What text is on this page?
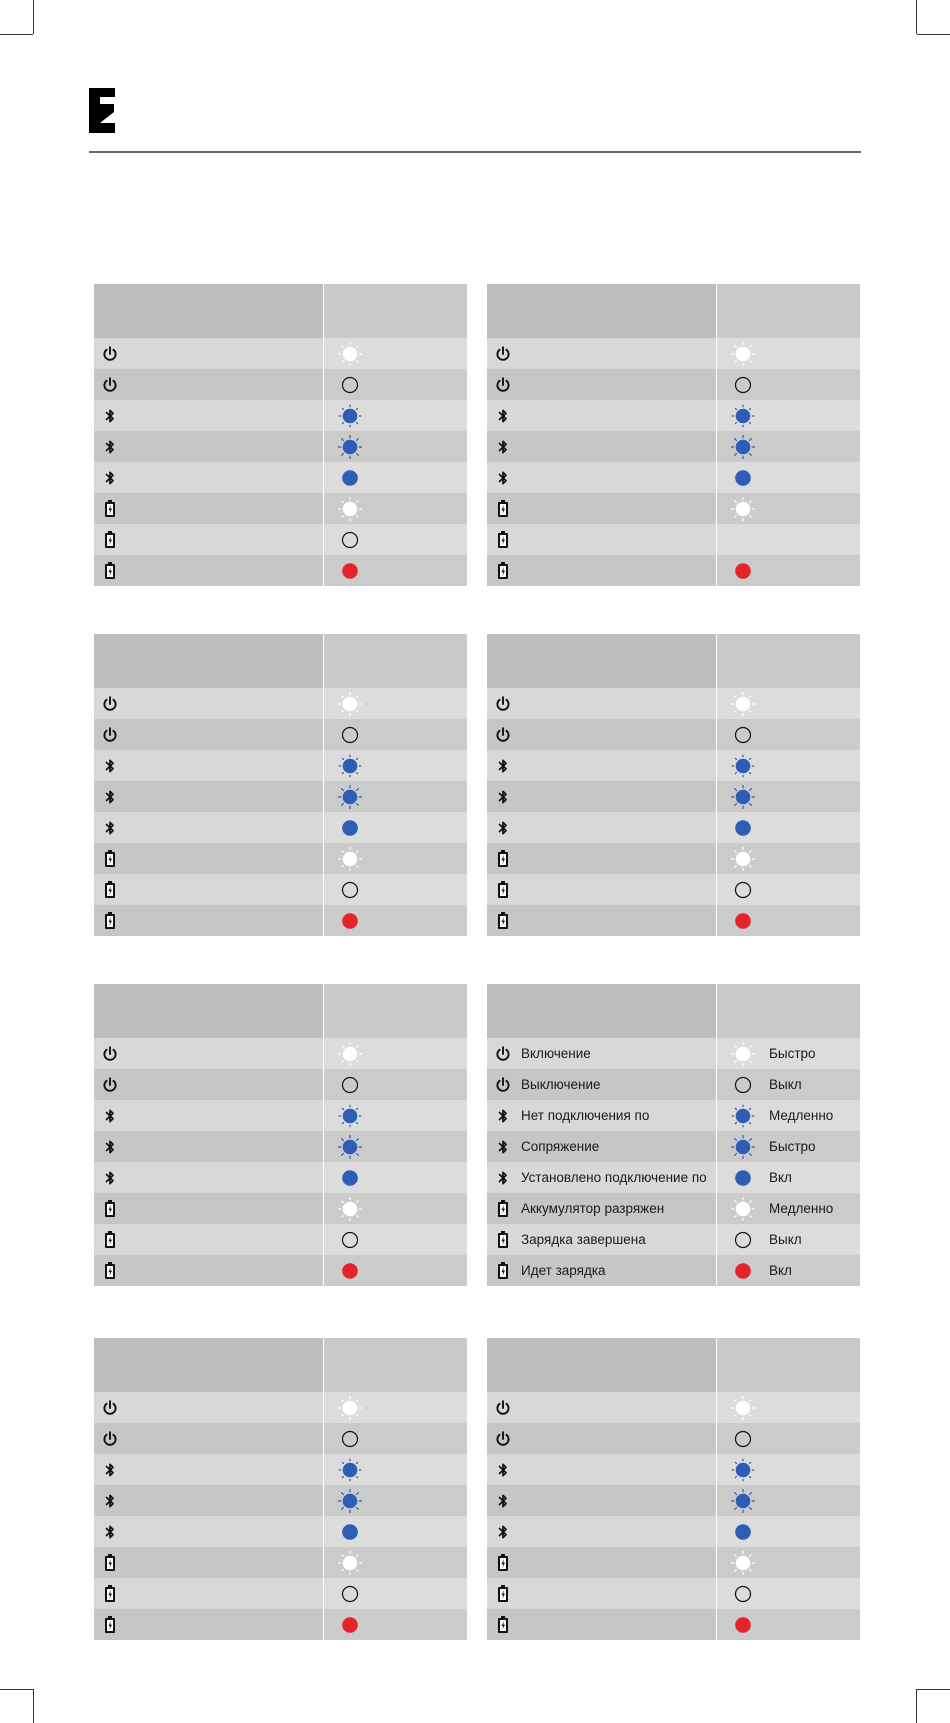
Включение	Быстро
Выключение	Выкл
Нет подключения по	Медленно
Сопряжение	Быстро
Установлено подключение по	Вкл
Аккумулятор разряжен	Медленно
Зарядка завершена	Выкл
Идет зарядка	Вкл
